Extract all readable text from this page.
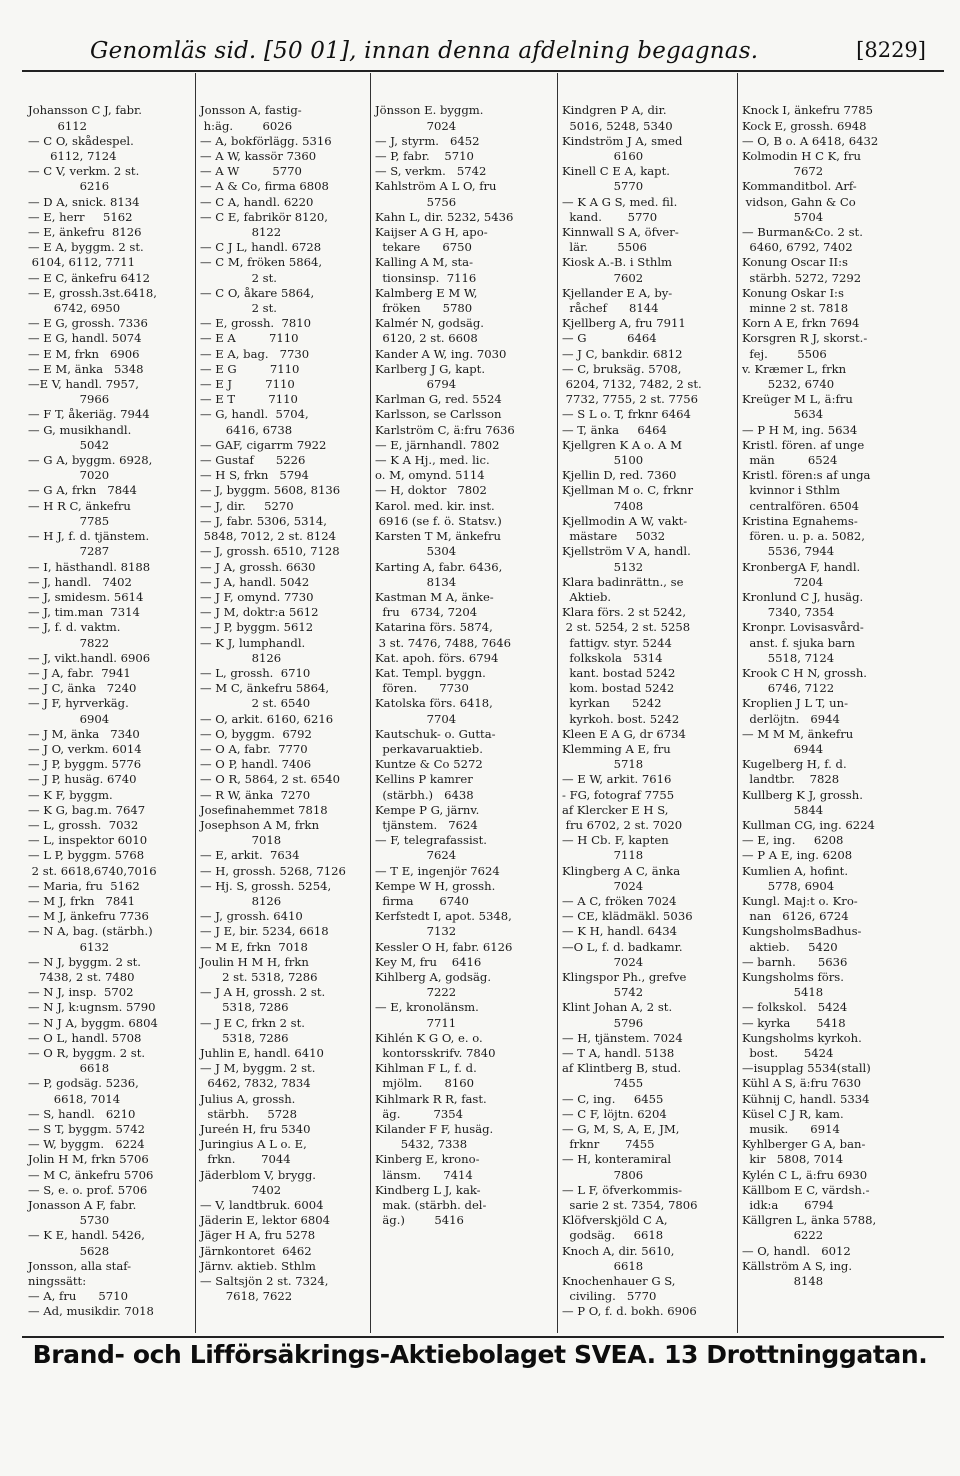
Genomläs sid. [50 01], innan denna afdelning begagnas.	[8229]

Johansson C J, fabr.
6112
— C O, skådespel.
6112, 7124
— C V, verkm. 2 st.
6216
— D A, snick. 8134
— E, herr     5162
— E, änkefru  8126
— E A, byggm. 2 st.
6104, 6112, 7711
— E C, änkefru 6412
— E, grossh.3st.6418,
6742, 6950
— E G, grossh. 7336
— E G, handl. 5074
— E M, frkn   6906
— E M, änka   5348
—E V, handl. 7957,
7966
— F T, åkeriäg. 7944
— G, musikhandl.
5042
— G A, byggm. 6928,
7020
— G A, frkn   7844
— H R C, änkefru
7785
— H J, f. d. tjänstem.
7287
— I, hästhandl. 8188
— J, handl.   7402
— J, smidesm. 5614
— J, tim.man  7314
— J, f. d. vaktm.
7822
— J, vikt.handl. 6906
— J A, fabr.  7941
— J C, änka   7240
— J F, hyrverkäg.
6904
— J M, änka   7340
— J O, verkm. 6014
— J P, byggm. 5776
— J P, husäg. 6740
— K F, byggm.
— K G, bag.m. 7647
— L, grossh.  7032
— L, inspektor 6010
— L P, byggm. 5768
2 st. 6618,6740,7016
— Maria, fru  5162
— M J, frkn   7841
— M J, änkefru 7736
— N A, bag. (stärbh.)
6132
— N J, byggm. 2 st.
7438, 2 st. 7480
— N J, insp.  5702
— N J, k:ugnsm. 5790
— N J A, byggm. 6804
— O L, handl. 5708
— O R, byggm. 2 st.
6618
— P, godsäg. 5236,
6618, 7014
— S, handl.   6210
— S T, byggm. 5742
— W, byggm.   6224
Jolin H M, frkn 5706
— M C, änkefru 5706
— S, e. o. prof. 5706
Jonasson A F, fabr.
5730
— K E, handl. 5426,
5628
Jonsson, alla staf-
ningssätt:
— A, fru      5710
— Ad, musikdir. 7018

Jonsson A, fastig-
h:äg.        6026
— A, bokförlägg. 5316
— A W, kassör 7360
— A W         5770
— A & Co, firma 6808
— C A, handl. 6220
— C E, fabrikör 8120,
8122
— C J L, handl. 6728
— C M, fröken 5864,
2 st.
— C O, åkare 5864,
2 st.
— E, grossh.  7810
— E A         7110
— E A, bag.   7730
— E G         7110
— E J         7110
— E T         7110
— G, handl.  5704,
6416, 6738
— GAF, cigarrm 7922
— Gustaf      5226
— H S, frkn   5794
— J, byggm. 5608, 8136
— J, dir.     5270
— J, fabr. 5306, 5314,
5848, 7012, 2 st. 8124
— J, grossh. 6510, 7128
— J A, grossh. 6630
— J A, handl. 5042
— J F, omynd. 7730
— J M, doktr:a 5612
— J P, byggm. 5612
— K J, lumphandl.
8126
— L, grossh.  6710
— M C, änkefru 5864,
2 st. 6540
— O, arkit. 6160, 6216
— O, byggm.  6792
— O A, fabr.  7770
— O P, handl. 7406
— O R, 5864, 2 st. 6540
— R W, änka  7270
Josefinahemmet 7818
Josephson A M, frkn
7018
— E, arkit.  7634
— H, grossh. 5268, 7126
— Hj. S, grossh. 5254,
8126
— J, grossh. 6410
— J E, bir. 5234, 6618
— M E, frkn  7018
Joulin H M H, frkn
2 st. 5318, 7286
— J A H, grossh. 2 st.
5318, 7286
— J E C, frkn 2 st.
5318, 7286
Juhlin E, handl. 6410
— J M, byggm. 2 st.
6462, 7832, 7834
Julius A, grossh.
stärbh.     5728
Jureén H, fru 5340
Juringius A L o. E,
frkn.       7044
Jäderblom V, brygg.
7402
— V, landtbruk. 6004
Jäderin E, lektor 6804
Jäger H A, fru 5278
Järnkontoret  6462
Järnv. aktieb. Sthlm
— Saltsjön 2 st. 7324,
7618, 7622

Jönsson E. byggm.
7024
— J, styrm.   6452
— P, fabr.    5710
— S, verkm.   5742
Kahlström A L O, fru
5756
Kahn L, dir. 5232, 5436
Kaijser A G H, apo-
tekare      6750
Kalling A M, sta-
tionsinsp.  7116
Kalmberg E M W,
fröken      5780
Kalmér N, godsäg.
6120, 2 st. 6608
Kander A W, ing. 7030
Karlberg J G, kapt.
6794
Karlman G, red. 5524
Karlsson, se Carlsson
Karlström C, ä:fru 7636
— E, järnhandl. 7802
— K A Hj., med. lic.
o. M, omynd. 5114
— H, doktor   7802
Karol. med. kir. inst.
6916 (se f. ö. Statsv.)
Karsten T M, änkefru
5304
Karting A, fabr. 6436,
8134
Kastman M A, änke-
fru   6734, 7204
Katarina förs. 5874,
3 st. 7476, 7488, 7646
Kat. apoh. förs. 6794
Kat. Templ. byggn.
fören.      7730
Katolska förs. 6418,
7704
Kautschuk- o. Gutta-
perkavaruaktieb.
Kuntze & Co 5272
Kellins P kamrer
(stärbh.)   6438
Kempe P G, järnv.
tjänstem.   7624
— F, telegrafassist.
7624
— T E, ingenjör 7624
Kempe W H, grossh.
firma       6740
Kerfstedt I, apot. 5348,
7132
Kessler O H, fabr. 6126
Key M, fru    6416
Kihlberg A, godsäg.
7222
— E, kronolänsm.
7711
Kihlén K G O, e. o.
kontorsskrifv. 7840
Kihlman F L, f. d.
mjölm.      8160
Kihlmark R R, fast.
äg.         7354
Kilander F F, husäg.
5432, 7338
Kinberg E, krono-
länsm.      7414
Kindberg L J, kak-
mak. (stärbh. del-
äg.)        5416

Kindgren P A, dir.
5016, 5248, 5340
Kindström J A, smed
6160
Kinell C E A, kapt.
5770
— K A G S, med. fil.
kand.       5770
Kinnwall S A, öfver-
lär.        5506
Kiosk A.-B. i Sthlm
7602
Kjellander E A, by-
råchef      8144
Kjellberg A, fru 7911
— G           6464
— J C, bankdir. 6812
— C, bruksäg. 5708,
6204, 7132, 7482, 2 st.
7732, 7755, 2 st. 7756
— S L o. T, frknr 6464
— T, änka     6464
Kjellgren K A o. A M
5100
Kjellin D, red. 7360
Kjellman M o. C, frknr
7408
Kjellmodin A W, vakt-
mästare     5032
Kjellström V A, handl.
5132
Klara badinrättn., se
Aktieb.
Klara förs. 2 st 5242,
2 st. 5254, 2 st. 5258
fattigv. styr. 5244
folkskola   5314
kant. bostad 5242
kom. bostad 5242
kyrkan      5242
kyrkoh. bost. 5242
Kleen E A G, dr 6734
Klemming A E, fru
5718
— E W, arkit. 7616
- FG, fotograf 7755
af Klercker E H S,
fru 6702, 2 st. 7020
— H Cb. F, kapten
7118
Klingberg A C, änka
7024
— A C, fröken 7024
— CE, klädmäkl. 5036
— K H, handl. 6434
—O L, f. d. badkamr.
7024
Klingspor Ph., grefve
5742
Klint Johan A, 2 st.
5796
— H, tjänstem. 7024
— T A, handl. 5138
af Klintberg B, stud.
7455
— C, ing.     6455
— C F, löjtn. 6204
— G, M, S, A, E, JM,
frknr       7455
— H, konteramiral
7806
— L F, öfverkommis-
sarie 2 st. 7354, 7806
Klöfverskjöld C A,
godsäg.     6618
Knoch A, dir. 5610,
6618
Knochenhauer G S,
civiling.   5770
— P O, f. d. bokh. 6906

Knock I, änkefru 7785
Kock E, grossh. 6948
— O, B o. A 6418, 6432
Kolmodin H C K, fru
7672
Kommanditbol. Arf-
vidson, Gahn & Co
5704
— Burman&Co. 2 st.
6460, 6792, 7402
Konung Oscar II:s
stärbh. 5272, 7292
Konung Oskar I:s
minne 2 st. 7818
Korn A E, frkn 7694
Korsgren R J, skorst.-
fej.        5506
v. Kræmer L, frkn
5232, 6740
Kreüger M L, ä:fru
5634
— P H M, ing. 5634
Kristl. fören. af unge
män         6524
Kristl. fören:s af unga
kvinnor i Sthlm
centralfören. 6504
Kristina Egnahems-
fören. u. p. a. 5082,
5536, 7944
KronbergA F, handl.
7204
Kronlund C J, husäg.
7340, 7354
Kronpr. Lovisasvård-
anst. f. sjuka barn
5518, 7124
Krook C H N, grossh.
6746, 7122
Kroplien J L T, un-
derlöjtn.   6944
— M M M, änkefru
6944
Kugelberg H, f. d.
landtbr.    7828
Kullberg K J, grossh.
5844
Kullman CG, ing. 6224
— E, ing.     6208
— P A E, ing. 6208
Kumlien A, hofint.
5778, 6904
Kungl. Maj:t o. Kro-
nan   6126, 6724
KungsholmsBadhus-
aktieb.     5420
— barnh.      5636
Kungsholms förs.
5418
— folkskol.   5424
— kyrka       5418
Kungsholms kyrkoh.
bost.       5424
—isupplag 5534(stall)
Kühl A S, ä:fru 7630
Kühnij C, handl. 5334
Küsel C J R, kam.
musik.      6914
Kyhlberger G A, ban-
kir   5808, 7014
Kylén C L, ä:fru 6930
Källbom E C, värdsh.-
idk:a       6794
Källgren L, änka 5788,
6222
— O, handl.   6012
Källström A S, ing.
8148

Brand- och Lifförsäkrings-Aktiebolaget SVEA. 13 Drottninggatan.
